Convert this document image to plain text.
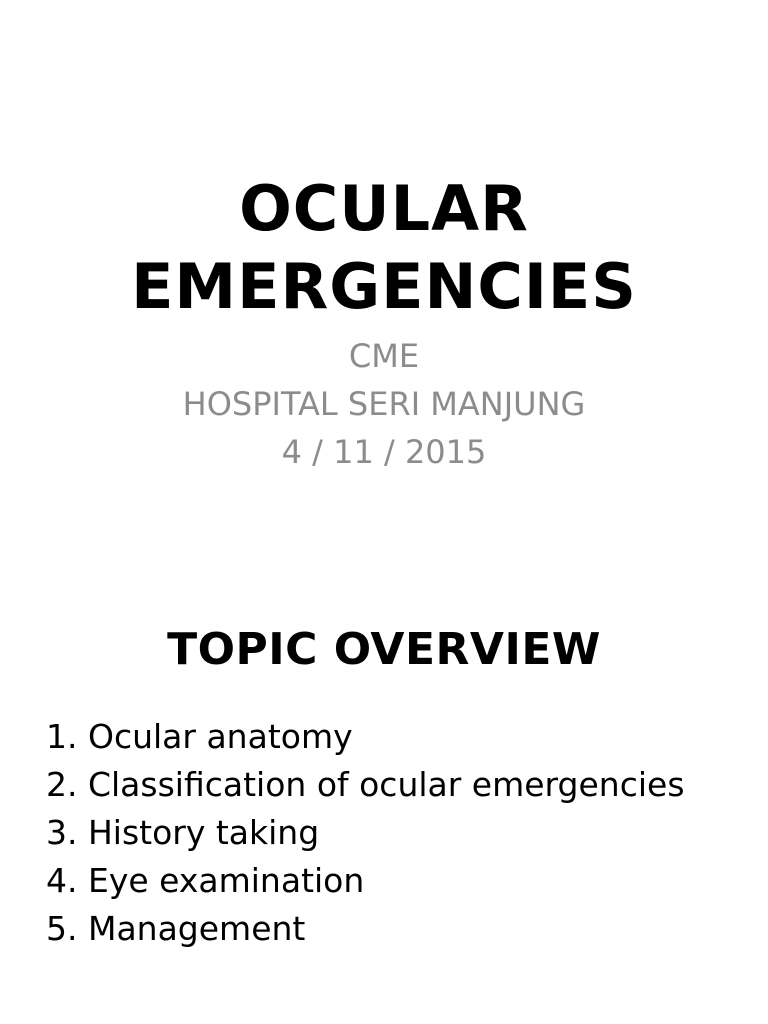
OCULAR
EMERGENCIES
CME
HOSPITAL SERI MANJUNG
4 / 11 / 2015
TOPIC OVERVIEW
1. Ocular anatomy
2. Classification of ocular emergencies
3. History taking
4. Eye examination
5. Management
